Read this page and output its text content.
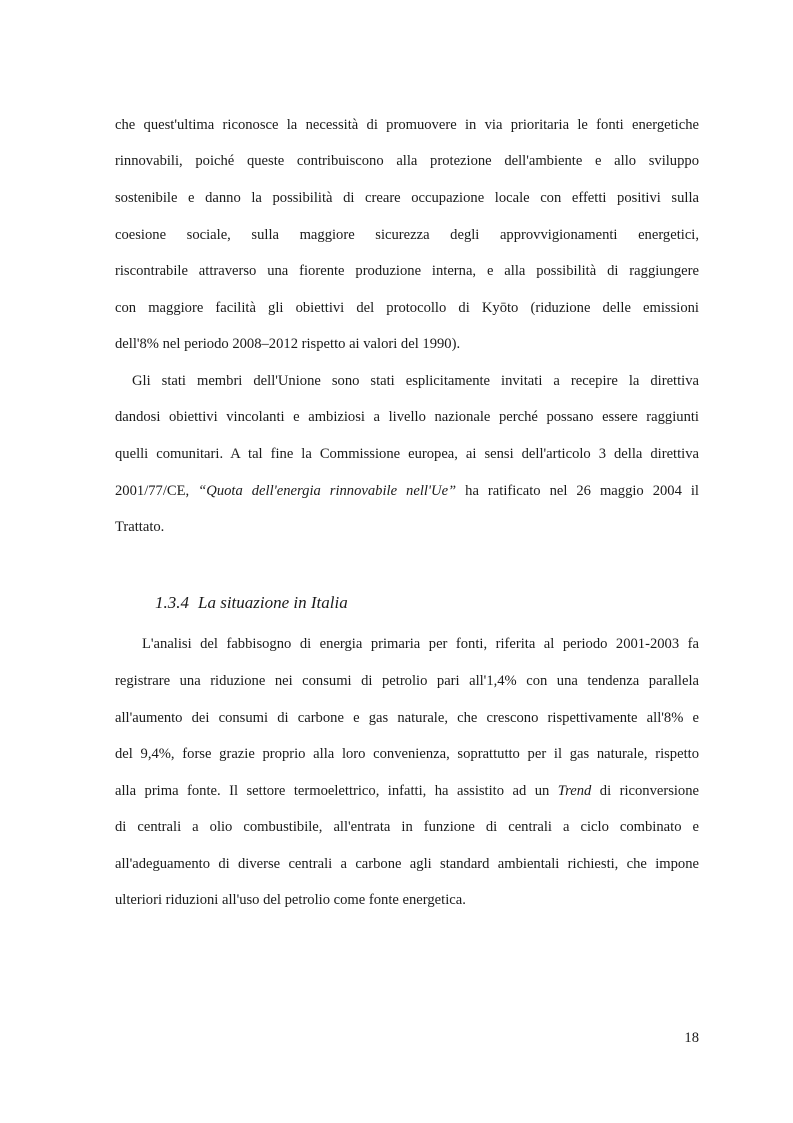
che quest'ultima riconosce la necessità di promuovere in via prioritaria le fonti energetiche

rinnovabili, poiché queste contribuiscono alla protezione dell'ambiente e allo sviluppo

sostenibile e danno la possibilità di creare occupazione locale con effetti positivi sulla

coesione sociale, sulla maggiore sicurezza degli approvvigionamenti energetici,

riscontrabile attraverso una fiorente produzione interna, e alla possibilità di raggiungere

con maggiore facilità gli obiettivi del protocollo di Kyōto (riduzione delle emissioni

dell'8% nel periodo 2008–2012 rispetto ai valori del 1990).

Gli stati membri dell'Unione sono stati esplicitamente invitati a recepire la direttiva

dandosi obiettivi vincolanti e ambiziosi a livello nazionale perché possano essere raggiunti

quelli comunitari. A tal fine la Commissione europea, ai sensi dell'articolo 3 della direttiva

2001/77/CE, “Quota dell'energia rinnovabile nell'Ue” ha ratificato nel 26 maggio 2004 il

Trattato.

1.3.4 La situazione in Italia

L'analisi del fabbisogno di energia primaria per fonti, riferita al periodo 2001-2003 fa

registrare una riduzione nei consumi di petrolio pari all'1,4% con una tendenza parallela

all'aumento dei consumi di carbone e gas naturale, che crescono rispettivamente all'8% e

del 9,4%, forse grazie proprio alla loro convenienza, soprattutto per il gas naturale, rispetto

alla prima fonte. Il settore termoelettrico, infatti, ha assistito ad un Trend di riconversione

di centrali a olio combustibile, all'entrata in funzione di centrali a ciclo combinato e

all'adeguamento di diverse centrali a carbone agli standard ambientali richiesti, che impone

ulteriori riduzioni all'uso del petrolio come fonte energetica.

18
